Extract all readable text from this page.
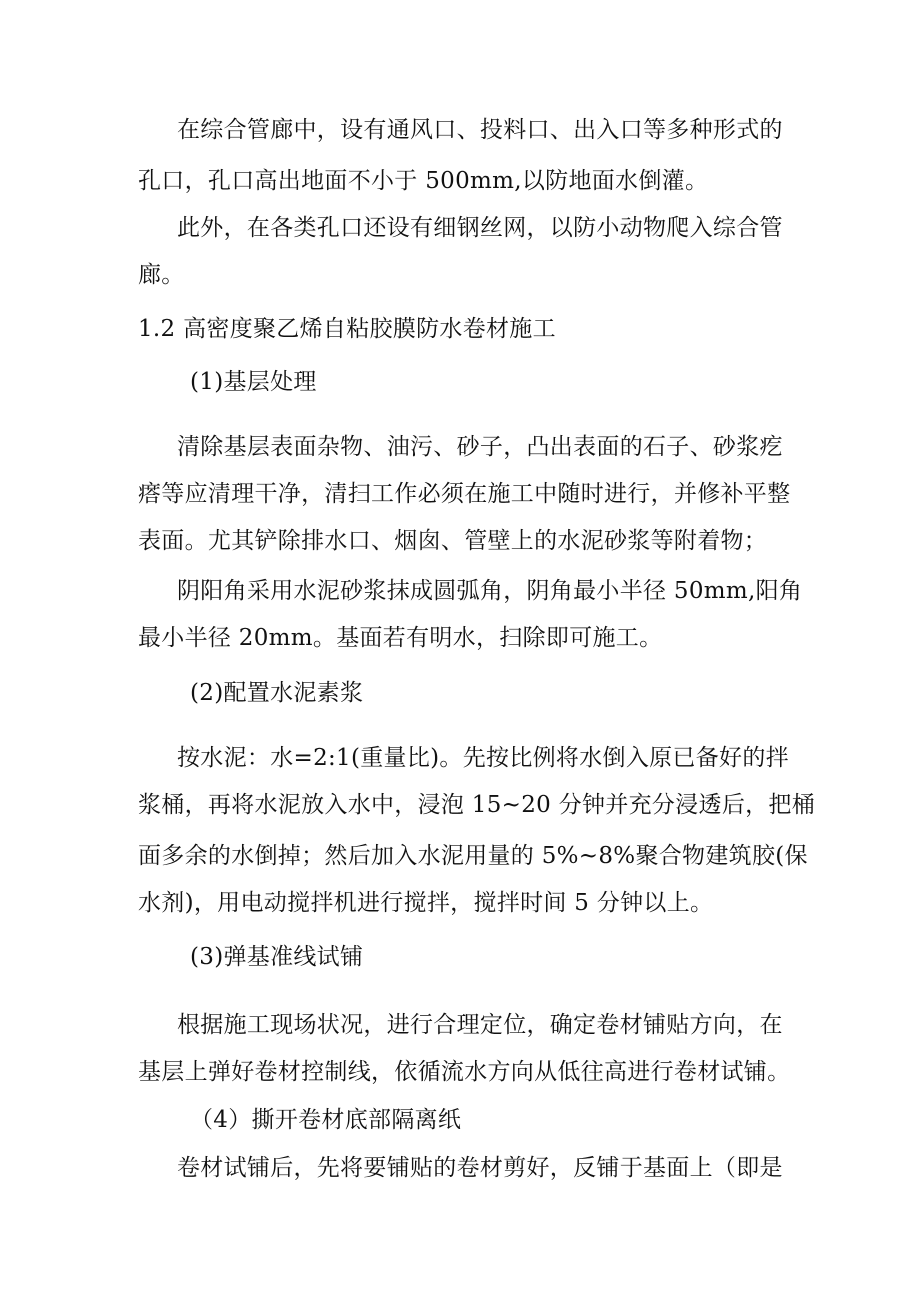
在综合管廊中，设有通风口、投料口、出入口等多种形式的
孔口，孔口高出地面不小于 500mm,以防地面水倒灌。
此外，在各类孔口还设有细钢丝网，以防小动物爬入综合管
廊。
1.2 高密度聚乙烯自粘胶膜防水卷材施工
(1)基层处理
清除基层表面杂物、油污、砂子，凸出表面的石子、砂浆疙
瘩等应清理干净，清扫工作必须在施工中随时进行，并修补平整
表面。尤其铲除排水口、烟囱、管壁上的水泥砂浆等附着物；
阴阳角采用水泥砂浆抹成圆弧角，阴角最小半径 50mm,阳角
最小半径 20mm。基面若有明水，扫除即可施工。
(2)配置水泥素浆
按水泥：水=2:1(重量比)。先按比例将水倒入原已备好的拌
浆桶，再将水泥放入水中，浸泡 15~20 分钟并充分浸透后，把桶
面多余的水倒掉；然后加入水泥用量的 5%~8%聚合物建筑胶(保
水剂)，用电动搅拌机进行搅拌，搅拌时间 5 分钟以上。
(3)弹基准线试铺
根据施工现场状况，进行合理定位，确定卷材铺贴方向，在
基层上弹好卷材控制线，依循流水方向从低往高进行卷材试铺。
（4）撕开卷材底部隔离纸
卷材试铺后，先将要铺贴的卷材剪好，反铺于基面上（即是
